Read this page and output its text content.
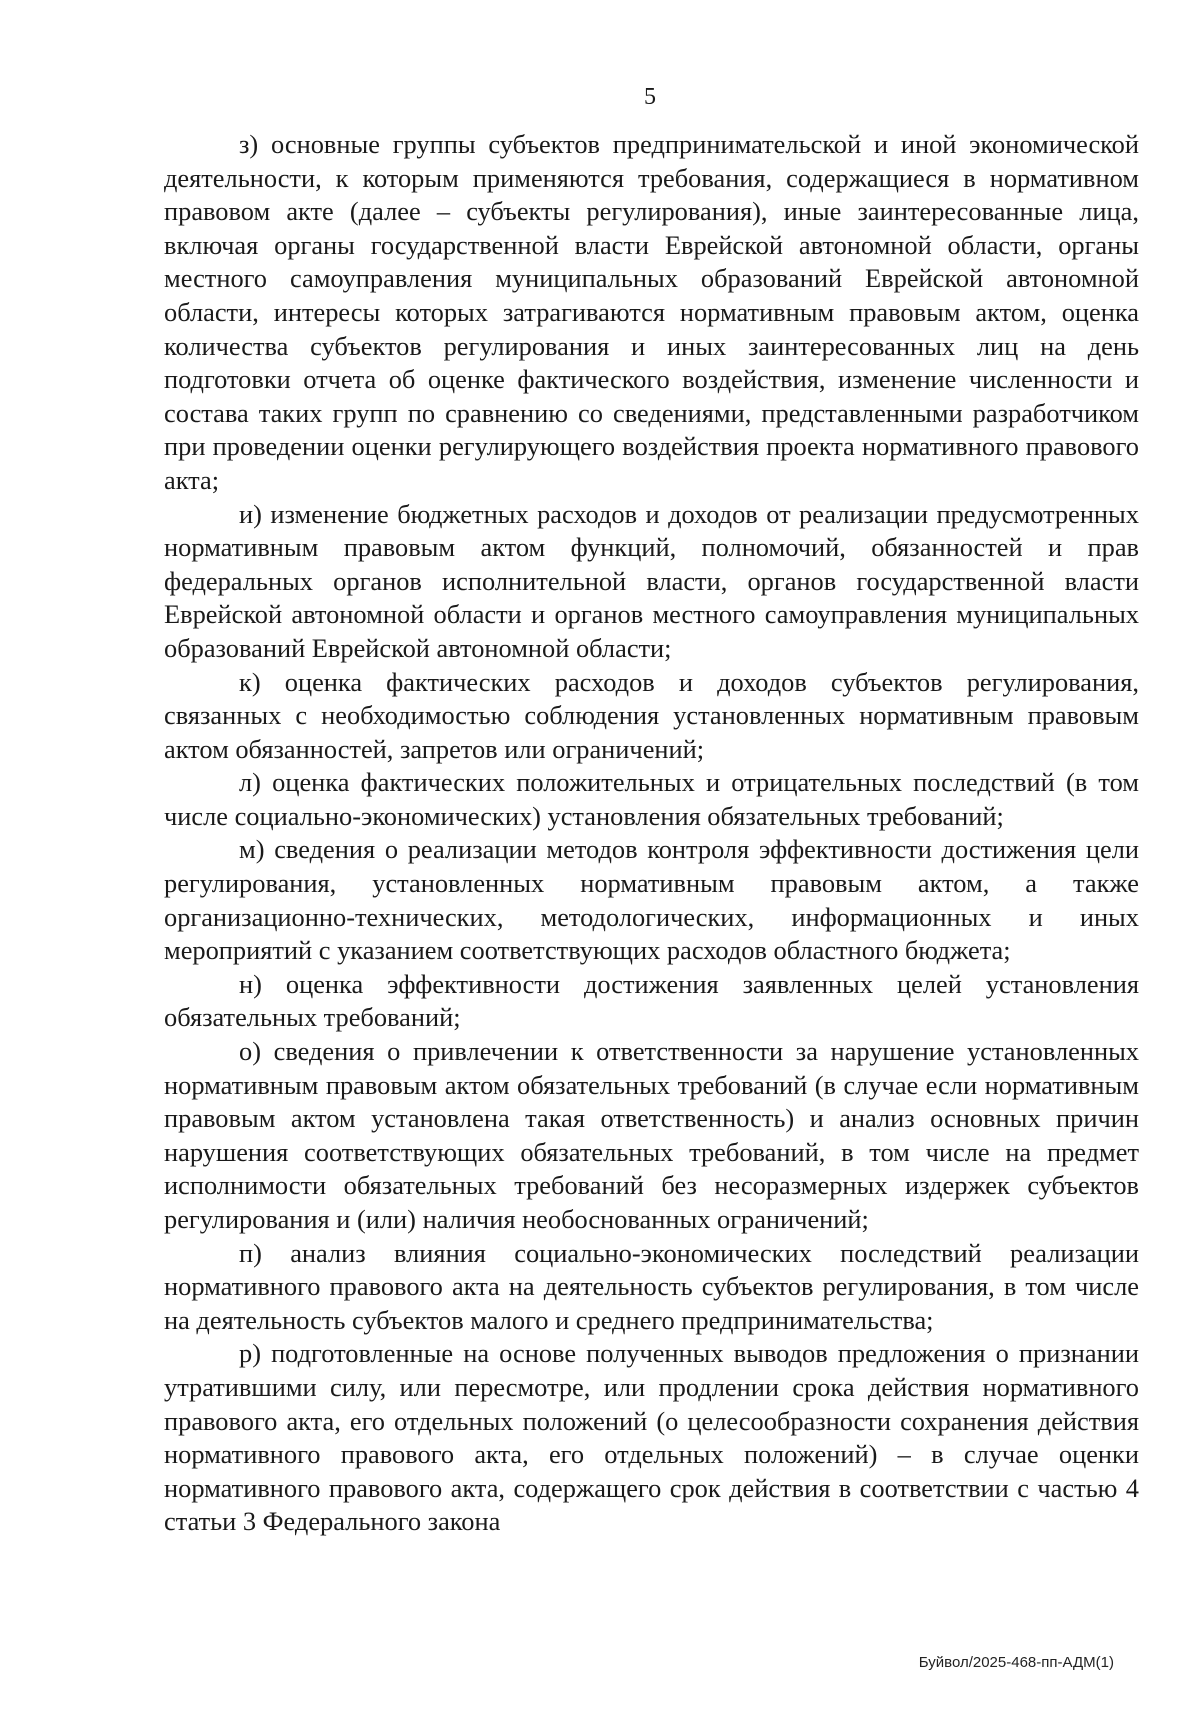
5

з) основные группы субъектов предпринимательской и иной экономической деятельности, к которым применяются требования, содержащиеся в нормативном правовом акте (далее – субъекты регулирования), иные заинтересованные лица, включая органы государственной власти Еврейской автономной области, органы местного самоуправления муниципальных образований Еврейской автономной области, интересы которых затрагиваются нормативным правовым актом, оценка количества субъектов регулирования и иных заинтересованных лиц на день подготовки отчета об оценке фактического воздействия, изменение численности и состава таких групп по сравнению со сведениями, представленными разработчиком при проведении оценки регулирующего воздействия проекта нормативного правового акта;

и) изменение бюджетных расходов и доходов от реализации предусмотренных нормативным правовым актом функций, полномочий, обязанностей и прав федеральных органов исполнительной власти, органов государственной власти Еврейской автономной области и органов местного самоуправления муниципальных образований Еврейской автономной области;

к) оценка фактических расходов и доходов субъектов регулирования, связанных с необходимостью соблюдения установленных нормативным правовым актом обязанностей, запретов или ограничений;

л) оценка фактических положительных и отрицательных последствий (в том числе социально-экономических) установления обязательных требований;

м) сведения о реализации методов контроля эффективности достижения цели регулирования, установленных нормативным правовым актом, а также организационно-технических, методологических, информационных и иных мероприятий с указанием соответствующих расходов областного бюджета;

н) оценка эффективности достижения заявленных целей установления обязательных требований;

о) сведения о привлечении к ответственности за нарушение установленных нормативным правовым актом обязательных требований (в случае если нормативным правовым актом установлена такая ответственность) и анализ основных причин нарушения соответствующих обязательных требований, в том числе на предмет исполнимости обязательных требований без несоразмерных издержек субъектов регулирования и (или) наличия необоснованных ограничений;

п) анализ влияния социально-экономических последствий реализации нормативного правового акта на деятельность субъектов регулирования, в том числе на деятельность субъектов малого и среднего предпринимательства;

р) подготовленные на основе полученных выводов предложения о признании утратившими силу, или пересмотре, или продлении срока действия нормативного правового акта, его отдельных положений (о целесообразности сохранения действия нормативного правового акта, его отдельных положений) – в случае оценки нормативного правового акта, содержащего срок действия в соответствии с частью 4 статьи 3 Федерального закона

Буйвол/2025-468-пп-АДМ(1)
